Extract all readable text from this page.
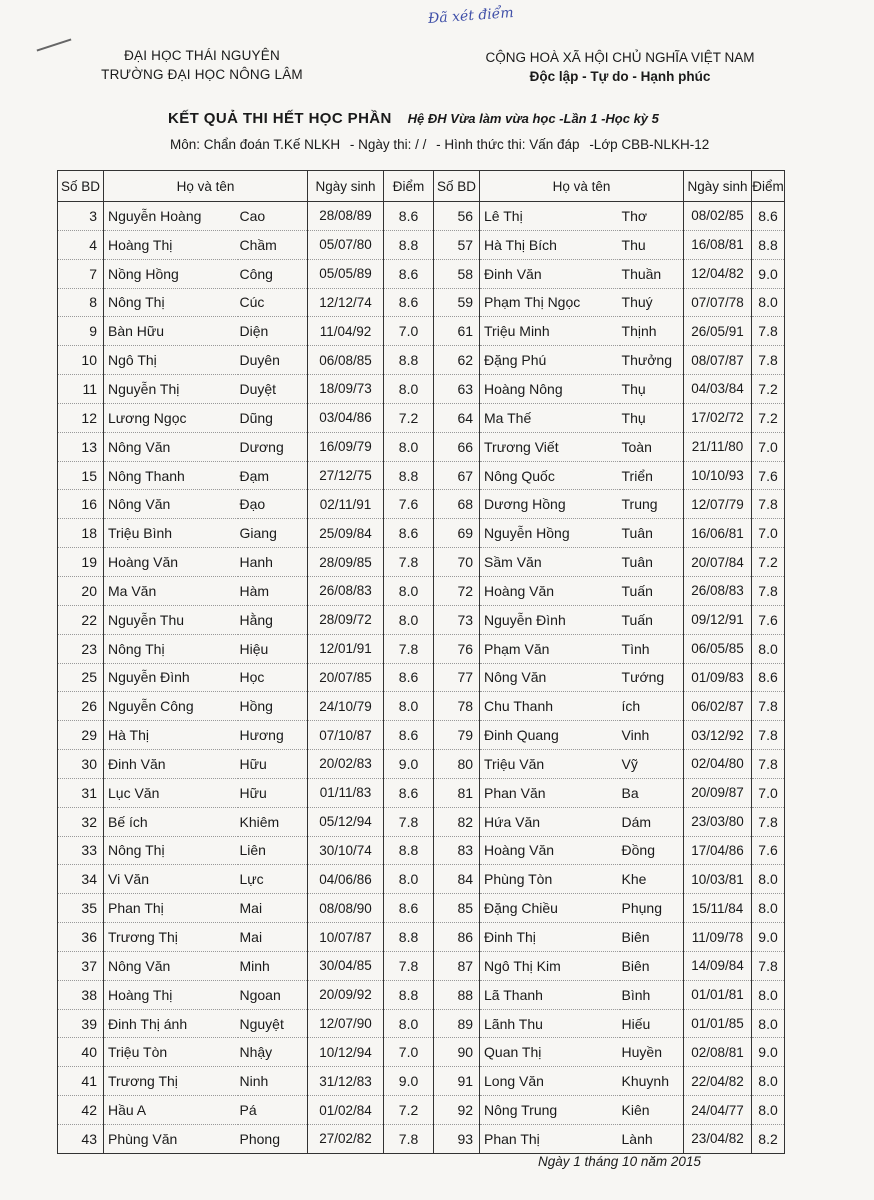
Đã xét điểm
ĐẠI HỌC THÁI NGUYÊN
TRƯỜNG ĐẠI HỌC NÔNG LÂM
CỘNG HOÀ XÃ HỘI CHỦ NGHĨA VIỆT NAM
Độc lập - Tự do - Hạnh phúc
KẾT QUẢ THI HẾT HỌC PHẦN Hệ ĐH Vừa làm vừa học -Lần 1 -Học kỳ 5
Môn: Chẩn đoán T.Kế NLKH - Ngày thi: / / - Hình thức thi: Vấn đáp -Lớp CBB-NLKH-12
Số BD	Họ và tên		Ngày sinh	Điểm	Số BD	Họ và tên		Ngày sinh	Điểm
3	Nguyễn Hoàng	Cao	28/08/89	8.6	56	Lê Thị	Thơ	08/02/85	8.6
4	Hoàng Thị	Chầm	05/07/80	8.8	57	Hà Thị Bích	Thu	16/08/81	8.8
7	Nồng Hồng	Công	05/05/89	8.6	58	Đinh Văn	Thuần	12/04/82	9.0
8	Nông Thị	Cúc	12/12/74	8.6	59	Phạm Thị Ngọc	Thuý	07/07/78	8.0
9	Bàn Hữu	Diện	11/04/92	7.0	61	Triệu Minh	Thịnh	26/05/91	7.8
10	Ngô Thị	Duyên	06/08/85	8.8	62	Đặng Phú	Thưởng	08/07/87	7.8
11	Nguyễn Thị	Duyệt	18/09/73	8.0	63	Hoàng Nông	Thụ	04/03/84	7.2
12	Lương Ngọc	Dũng	03/04/86	7.2	64	Ma Thế	Thụ	17/02/72	7.2
13	Nông Văn	Dương	16/09/79	8.0	66	Trương Viết	Toàn	21/11/80	7.0
15	Nông Thanh	Đạm	27/12/75	8.8	67	Nông Quốc	Triển	10/10/93	7.6
16	Nông Văn	Đạo	02/11/91	7.6	68	Dương Hồng	Trung	12/07/79	7.8
18	Triệu Bình	Giang	25/09/84	8.6	69	Nguyễn Hồng	Tuân	16/06/81	7.0
19	Hoàng Văn	Hanh	28/09/85	7.8	70	Sầm Văn	Tuân	20/07/84	7.2
20	Ma Văn	Hàm	26/08/83	8.0	72	Hoàng Văn	Tuấn	26/08/83	7.8
22	Nguyễn Thu	Hằng	28/09/72	8.0	73	Nguyễn Đình	Tuấn	09/12/91	7.6
23	Nông Thị	Hiệu	12/01/91	7.8	76	Phạm Văn	Tình	06/05/85	8.0
25	Nguyễn Đình	Học	20/07/85	8.6	77	Nông Văn	Tướng	01/09/83	8.6
26	Nguyễn Công	Hồng	24/10/79	8.0	78	Chu Thanh	ích	06/02/87	7.8
29	Hà Thị	Hương	07/10/87	8.6	79	Đinh Quang	Vinh	03/12/92	7.8
30	Đinh Văn	Hữu	20/02/83	9.0	80	Triệu Văn	Vỹ	02/04/80	7.8
31	Lục Văn	Hữu	01/11/83	8.6	81	Phan Văn	Ba	20/09/87	7.0
32	Bế ích	Khiêm	05/12/94	7.8	82	Hứa Văn	Dám	23/03/80	7.8
33	Nông Thị	Liên	30/10/74	8.8	83	Hoàng Văn	Đồng	17/04/86	7.6
34	Vi Văn	Lực	04/06/86	8.0	84	Phùng Tòn	Khe	10/03/81	8.0
35	Phan Thị	Mai	08/08/90	8.6	85	Đặng Chiều	Phụng	15/11/84	8.0
36	Trương Thị	Mai	10/07/87	8.8	86	Đinh Thị	Biên	11/09/78	9.0
37	Nông Văn	Minh	30/04/85	7.8	87	Ngô Thị Kim	Biên	14/09/84	7.8
38	Hoàng Thị	Ngoan	20/09/92	8.8	88	Lã Thanh	Bình	01/01/81	8.0
39	Đinh Thị ánh	Nguyệt	12/07/90	8.0	89	Lãnh Thu	Hiếu	01/01/85	8.0
40	Triệu Tòn	Nhậy	10/12/94	7.0	90	Quan Thị	Huyền	02/08/81	9.0
41	Trương Thị	Ninh	31/12/83	9.0	91	Long Văn	Khuynh	22/04/82	8.0
42	Hầu A	Pá	01/02/84	7.2	92	Nông Trung	Kiên	24/04/77	8.0
43	Phùng Văn	Phong	27/02/82	7.8	93	Phan Thị	Lành	23/04/82	8.2
Ngày 1 tháng 10 năm 2015
